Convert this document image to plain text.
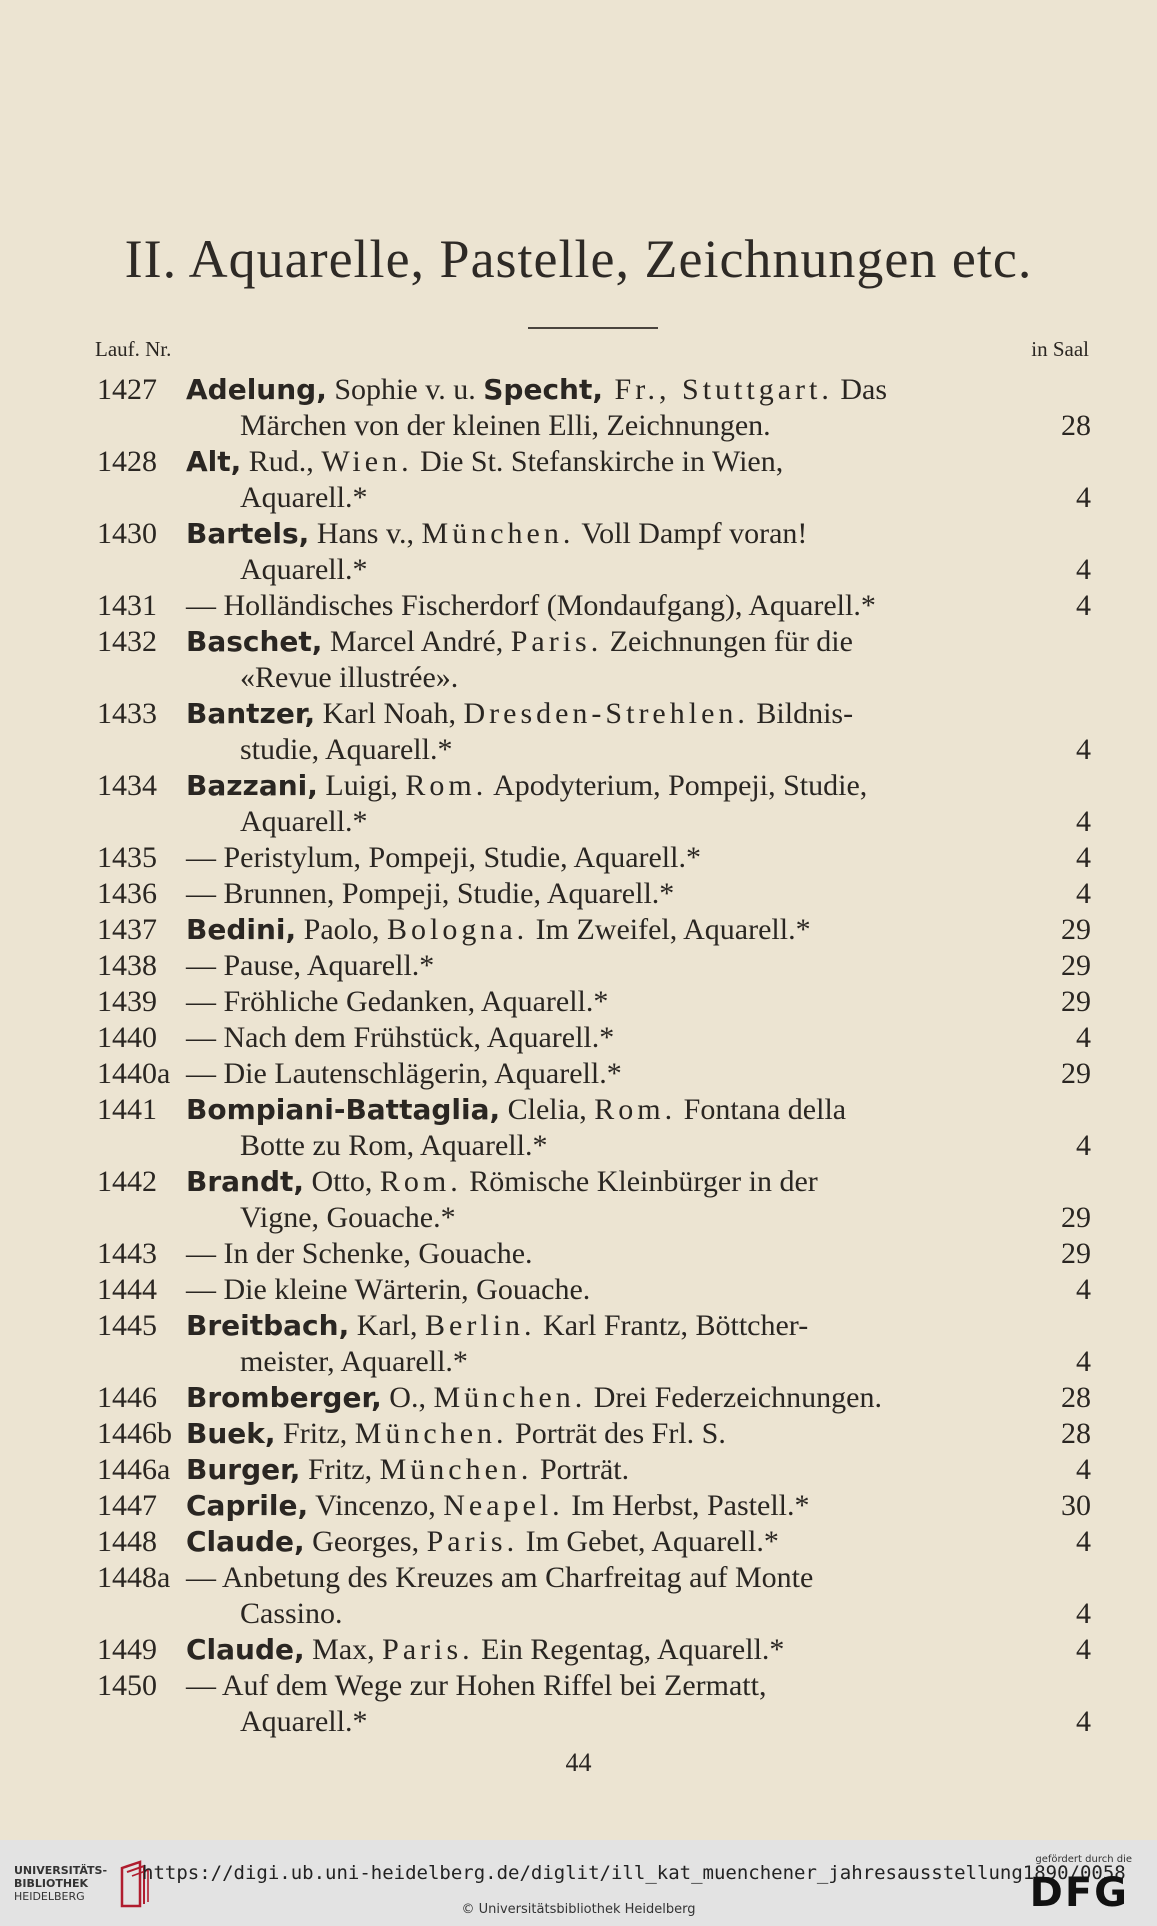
II. Aquarelle, Pastelle, Zeichnungen etc.
Lauf. Nr.	in Saal
1427 Adelung, Sophie v. u. Specht, Fr., Stuttgart. Das
Märchen von der kleinen Elli, Zeichnungen.	28
1428 Alt, Rud., Wien. Die St. Stefanskirche in Wien,
Aquarell.*	4
1430 Bartels, Hans v., München. Voll Dampf voran!
Aquarell.*	4
1431 — Holländisches Fischerdorf (Mondaufgang), Aquarell.*	4
1432 Baschet, Marcel André, Paris. Zeichnungen für die
«Revue illustrée».
1433 Bantzer, Karl Noah, Dresden-Strehlen. Bildnis-
studie, Aquarell.*	4
1434 Bazzani, Luigi, Rom. Apodyterium, Pompeji, Studie,
Aquarell.*	4
1435 — Peristylum, Pompeji, Studie, Aquarell.*	4
1436 — Brunnen, Pompeji, Studie, Aquarell.*	4
1437 Bedini, Paolo, Bologna. Im Zweifel, Aquarell.*	29
1438 — Pause, Aquarell.*	29
1439 — Fröhliche Gedanken, Aquarell.*	29
1440 — Nach dem Frühstück, Aquarell.*	4
1440a — Die Lautenschlägerin, Aquarell.*	29
1441 Bompiani-Battaglia, Clelia, Rom. Fontana della
Botte zu Rom, Aquarell.*	4
1442 Brandt, Otto, Rom. Römische Kleinbürger in der
Vigne, Gouache.*	29
1443 — In der Schenke, Gouache.	29
1444 — Die kleine Wärterin, Gouache.	4
1445 Breitbach, Karl, Berlin. Karl Frantz, Böttcher-
meister, Aquarell.*	4
1446 Bromberger, O., München. Drei Federzeichnungen.	28
1446b Buek, Fritz, München. Porträt des Frl. S.	28
1446a Burger, Fritz, München. Porträt.	4
1447 Caprile, Vincenzo, Neapel. Im Herbst, Pastell.*	30
1448 Claude, Georges, Paris. Im Gebet, Aquarell.*	4
1448a — Anbetung des Kreuzes am Charfreitag auf Monte
Cassino.	4
1449 Claude, Max, Paris. Ein Regentag, Aquarell.*	4
1450 — Auf dem Wege zur Hohen Riffel bei Zermatt,
Aquarell.*	4
44
UNIVERSITÄTS-
BIBLIOTHEK
HEIDELBERG
https://digi.ub.uni-heidelberg.de/diglit/ill_kat_muenchener_jahresausstellung1890/0058
© Universitätsbibliothek Heidelberg
gefördert durch die
DFG
